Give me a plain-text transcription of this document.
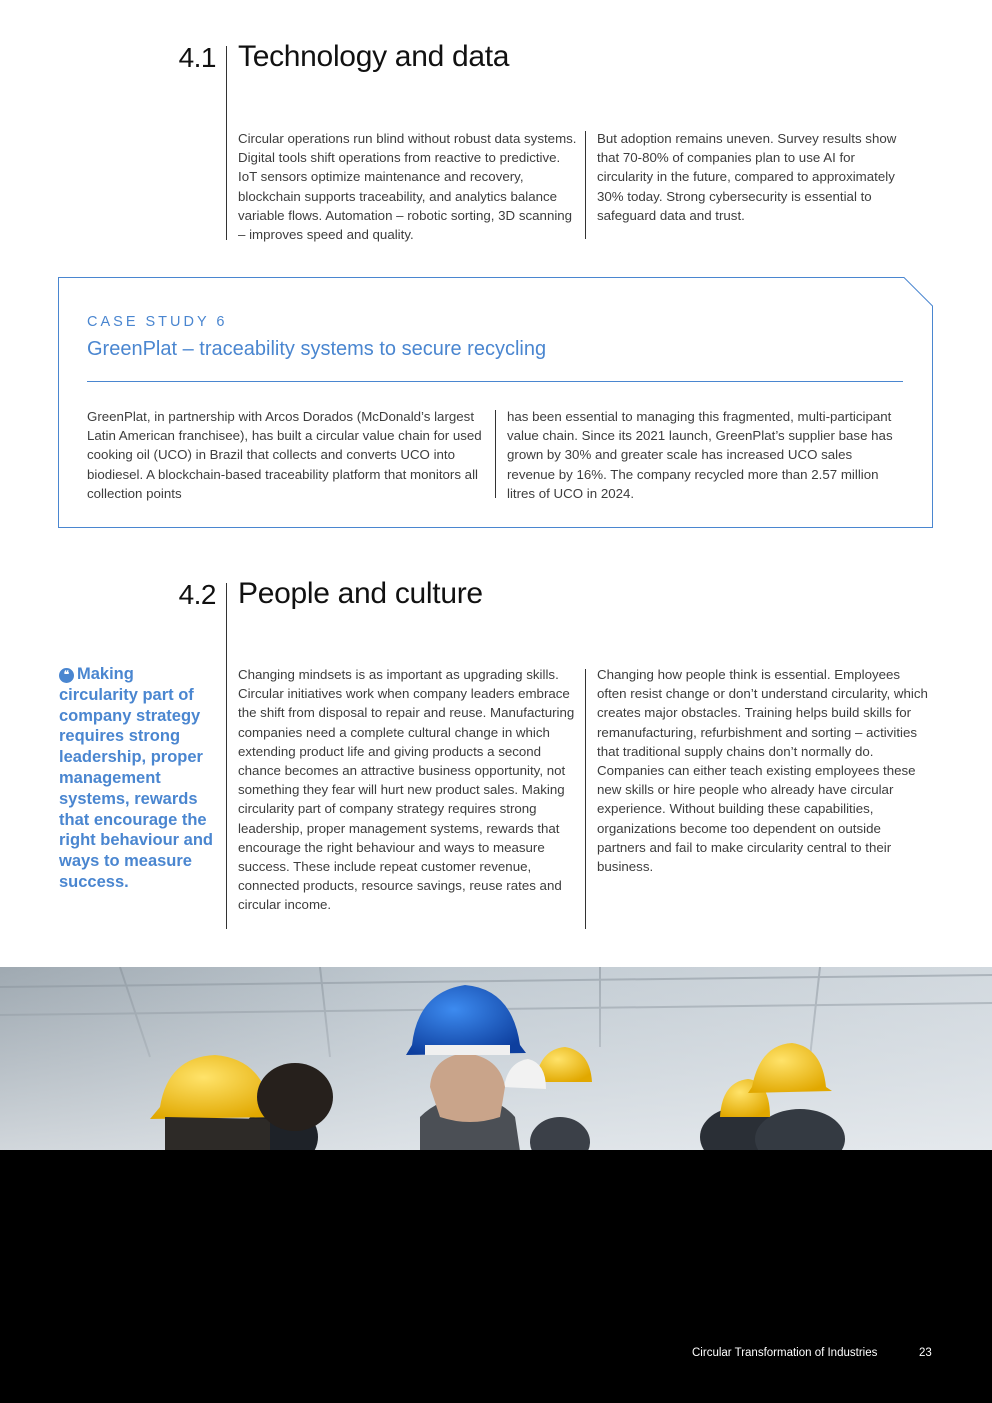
4.1 Technology and data
Circular operations run blind without robust data systems. Digital tools shift operations from reactive to predictive. IoT sensors optimize maintenance and recovery, blockchain supports traceability, and analytics balance variable flows. Automation – robotic sorting, 3D scanning – improves speed and quality.
But adoption remains uneven. Survey results show that 70-80% of companies plan to use AI for circularity in the future, compared to approximately 30% today. Strong cybersecurity is essential to safeguard data and trust.
CASE STUDY 6
GreenPlat – traceability systems to secure recycling
GreenPlat, in partnership with Arcos Dorados (McDonald’s largest Latin American franchisee), has built a circular value chain for used cooking oil (UCO) in Brazil that collects and converts UCO into biodiesel. A blockchain-based traceability platform that monitors all collection points
has been essential to managing this fragmented, multi-participant value chain. Since its 2021 launch, GreenPlat’s supplier base has grown by 30% and greater scale has increased UCO sales revenue by 16%. The company recycled more than 2.57 million litres of UCO in 2024.
4.2 People and culture
❝ Making circularity part of company strategy requires strong leadership, proper management systems, rewards that encourage the right behaviour and ways to measure success.
Changing mindsets is as important as upgrading skills. Circular initiatives work when company leaders embrace the shift from disposal to repair and reuse. Manufacturing companies need a complete cultural change in which extending product life and giving products a second chance becomes an attractive business opportunity, not something they fear will hurt new product sales. Making circularity part of company strategy requires strong leadership, proper management systems, rewards that encourage the right behaviour and ways to measure success. These include repeat customer revenue, connected products, resource savings, reuse rates and circular income.
Changing how people think is essential. Employees often resist change or don’t understand circularity, which creates major obstacles. Training helps build skills for remanufacturing, refurbishment and sorting – activities that traditional supply chains don’t normally do. Companies can either teach existing employees these new skills or hire people who already have circular experience. Without building these capabilities, organizations become too dependent on outside partners and fail to make circularity central to their business.
Circular Transformation of Industries	23
